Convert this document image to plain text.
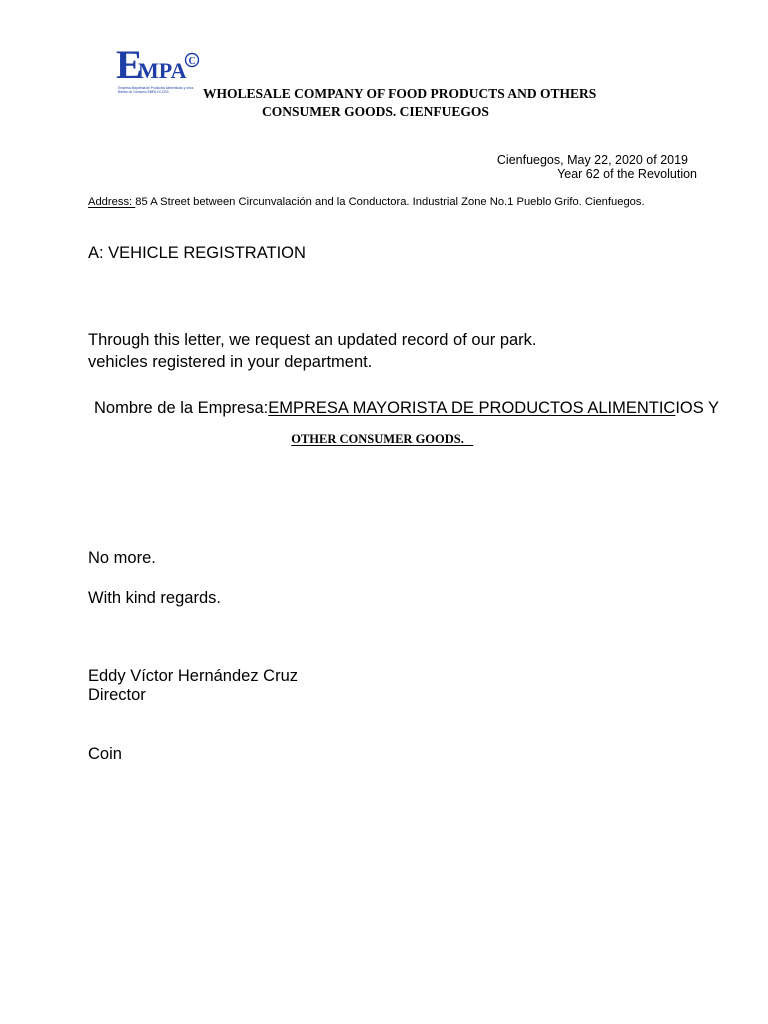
E
MPA C
Empresa Mayorista de Productos Alimenticios y otros Bienes de Consumo EMPA CCCGS	WHOLESALE COMPANY OF FOOD PRODUCTS AND OTHERS
CONSUMER GOODS. CIENFUEGOS
Cienfuegos, May 22, 2020 of 2019
Year 62 of the Revolution
Address: 85 A Street between Circunvalación and la Conductora. Industrial Zone No.1 Pueblo Grifo. Cienfuegos.
A: VEHICLE REGISTRATION
Through this letter, we request an updated record of our park.
vehicles registered in your department.
Nombre de la Empresa:EMPRESA MAYORISTA DE PRODUCTOS ALIMENTICIOS Y

OTHER CONSUMER GOODS.

No more.
With kind regards.
Eddy Víctor Hernández Cruz
Director
Coin
